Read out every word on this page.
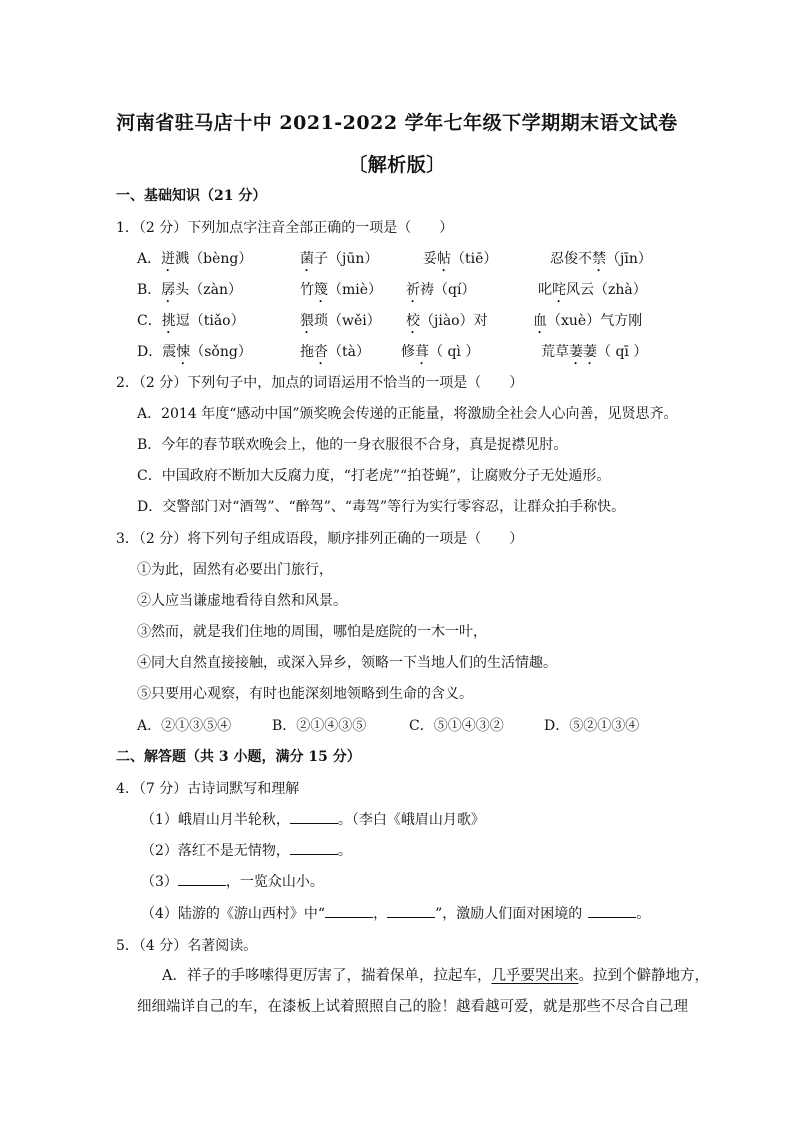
河南省驻马店十中 2021-2022 学年七年级下学期期末语文试卷
〔解析版〕
一、基础知识（21 分）
1．（2 分）下列加点字注音全部正确的一项是（　　）
A．迸溅（bèng）	菌子（jūn）	妥帖（tiē）	忍俊不禁（jīn）
B．孱头（zàn）	竹篾（miè） 祈祷（qí）	叱咤风云（zhà）
C．挑逗（tiǎo）	猥琐（wěi） 校（jiào）对	血（xuè）气方刚
D．震悚（sǒng）	拖沓（tà） 修葺（ qì ）	荒草萋萋（ qī ）
2．（2 分）下列句子中，加点的词语运用不恰当的一项是（　　）
A．2014 年度“感动中国”颁奖晚会传递的正能量，将激励全社会人心向善，见贤思齐。
B．今年的春节联欢晚会上，他的一身衣服很不合身，真是捉襟见肘。
C．中国政府不断加大反腐力度，“打老虎”“拍苍蝇”，让腐败分子无处遁形。
D．交警部门对“酒驾”、“醉驾”、“毒驾”等行为实行零容忍，让群众拍手称快。
3．（2 分）将下列句子组成语段，顺序排列正确的一项是（　　）
①为此，固然有必要出门旅行，
②人应当谦虚地看待自然和风景。
③然而，就是我们住地的周围，哪怕是庭院的一木一叶，
④同大自然直接接触，或深入异乡，领略一下当地人们的生活情趣。
⑤只要用心观察，有时也能深刻地领略到生命的含义。
A．②①③⑤④	B．②①④③⑤	C．⑤①④③②	D．⑤②①③④
二、解答题（共 3 小题，满分 15 分）
4．（7 分）古诗词默写和理解
（1）峨眉山月半轮秋，	。（李白《峨眉山月歌》
（2）落红不是无情物，	。
（3）	，一览众山小。
（4）陆游的《游山西村》中“	，	”，激励人们面对困境的	。
5．（4 分）名著阅读。
A．祥子的手哆嗦得更厉害了，揣着保单，拉起车，几乎要哭出来。拉到个僻静地方，
细细端详自己的车，在漆板上试着照照自己的脸！越看越可爱，就是那些不尽合自己理
